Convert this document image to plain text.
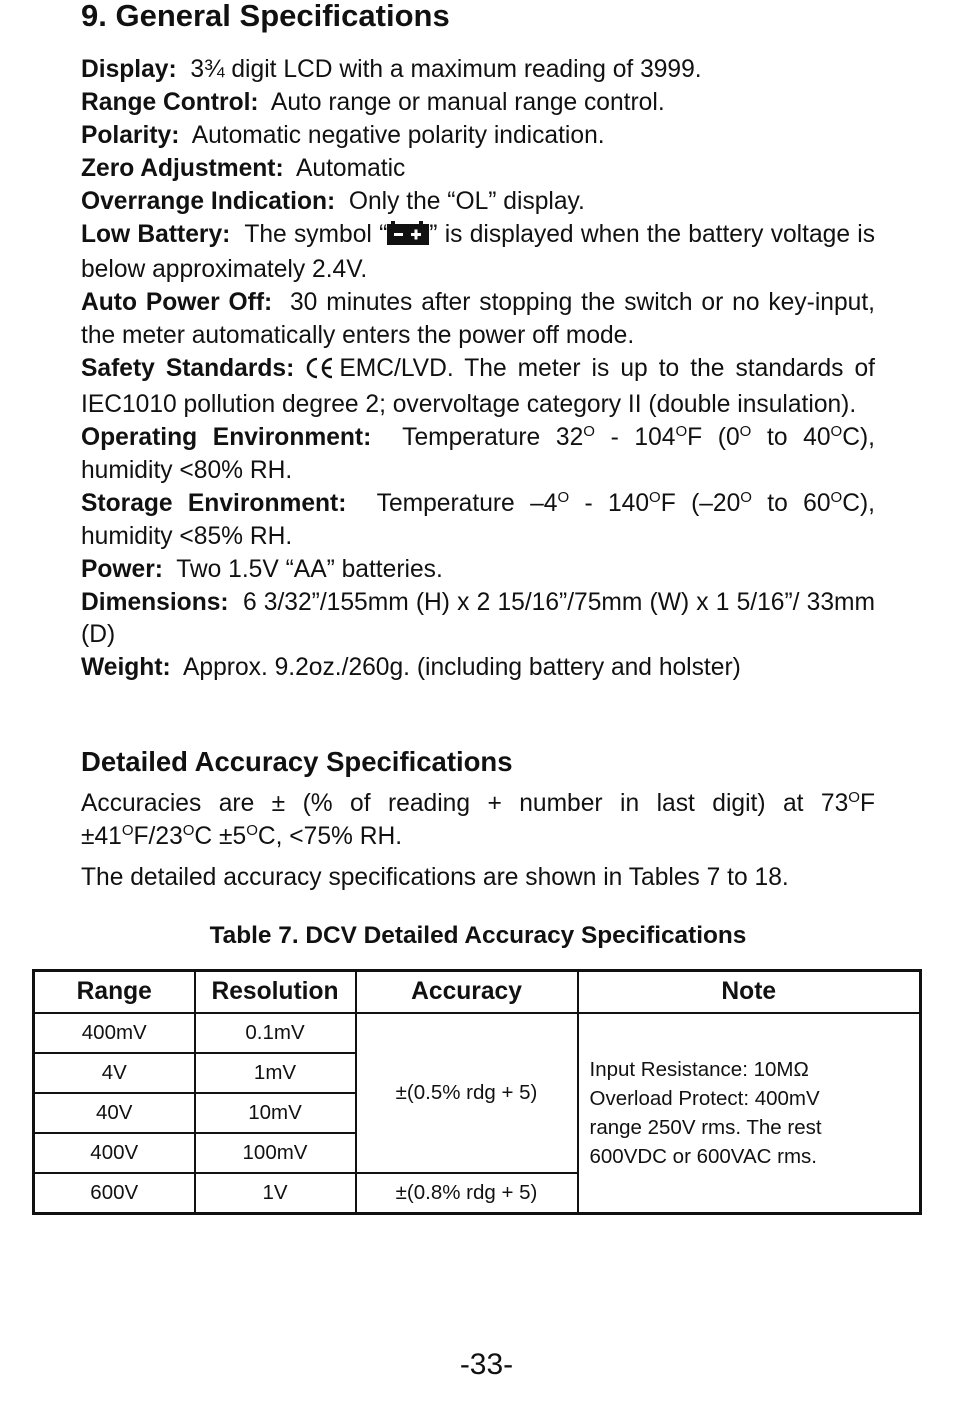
9. General Specifications
Display: 3¾ digit LCD with a maximum reading of 3999.
Range Control: Auto range or manual range control.
Polarity: Automatic negative polarity indication.
Zero Adjustment: Automatic
Overrange Indication: Only the “OL” display.
Low Battery: The symbol “ ” is displayed when the battery voltage is below approximately 2.4V.
Auto Power Off: 30 minutes after stopping the switch or no key-input, the meter automatically enters the power off mode.
Safety Standards: EMC/LVD. The meter is up to the standards of IEC1010 pollution degree 2; overvoltage category II (double insulation).
Operating Environment: Temperature $32^O - 104^OF$ ($0^O$ to $40^OC$), humidity <80% RH.
Storage Environment: Temperature $-4^O - 140^OF$ ($-20^O$ to $60^OC$), humidity <85% RH.
Power: Two 1.5V “AA” batteries.
Dimensions: 6 3/32”/155mm (H) x 2 15/16”/75mm (W) x 1 5/16”/ 33mm (D)
Weight: Approx. 9.2oz./260g. (including battery and holster)
Detailed Accuracy Specifications

Accuracies are ± (% of reading + number in last digit) at $73^OF \pm 41^OF/23^OC \pm 5^OC$, <75% RH.

The detailed accuracy specifications are shown in Tables 7 to 18.

Table 7. DCV Detailed Accuracy Specifications

Range	Resolution	Accuracy	Note
400mV	0.1mV	±(0.5% rdg + 5)	Input Resistance: 10MΩ
Overload Protect: 400mV
range 250V rms. The rest
600VDC or 600VAC rms.

4V	1mV		
40V	10mV		
400V	100mV		
600V	1V	±(0.8% rdg + 5)	

-33-
